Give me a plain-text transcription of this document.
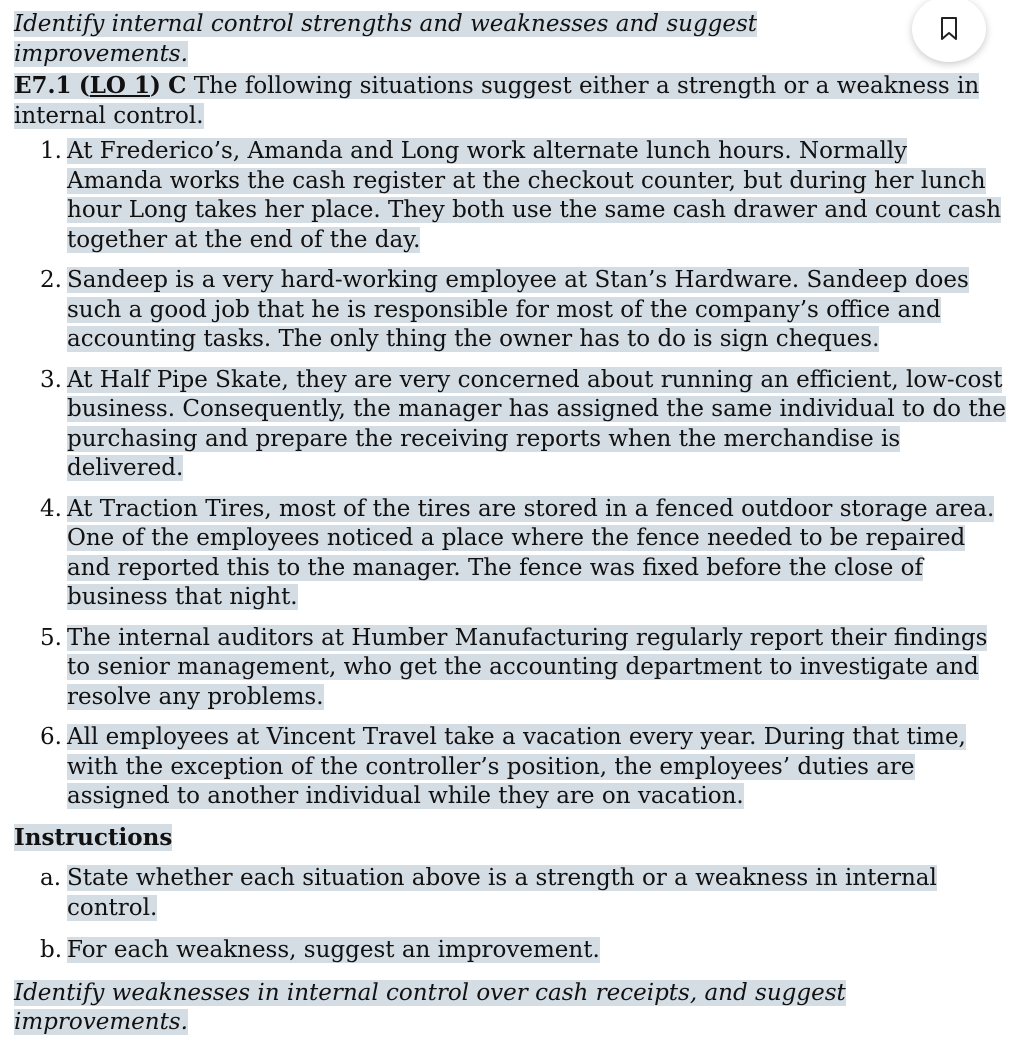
Identify internal control strengths and weaknesses and suggest improvements.

E7.1 (LO 1) C The following situations suggest either a strength or a weakness in internal control.

1. At Frederico’s, Amanda and Long work alternate lunch hours. Normally Amanda works the cash register at the checkout counter, but during her lunch hour Long takes her place. They both use the same cash drawer and count cash together at the end of the day.
2. Sandeep is a very hard-working employee at Stan’s Hardware. Sandeep does such a good job that he is responsible for most of the company’s office and accounting tasks. The only thing the owner has to do is sign cheques.
3. At Half Pipe Skate, they are very concerned about running an efficient, low-cost business. Consequently, the manager has assigned the same individual to do the purchasing and prepare the receiving reports when the merchandise is delivered.
4. At Traction Tires, most of the tires are stored in a fenced outdoor storage area. One of the employees noticed a place where the fence needed to be repaired and reported this to the manager. The fence was fixed before the close of business that night.
5. The internal auditors at Humber Manufacturing regularly report their findings to senior management, who get the accounting department to investigate and resolve any problems.
6. All employees at Vincent Travel take a vacation every year. During that time, with the exception of the controller’s position, the employees’ duties are assigned to another individual while they are on vacation.

Instructions

a. State whether each situation above is a strength or a weakness in internal control.
b. For each weakness, suggest an improvement.

Identify weaknesses in internal control over cash receipts, and suggest improvements.
